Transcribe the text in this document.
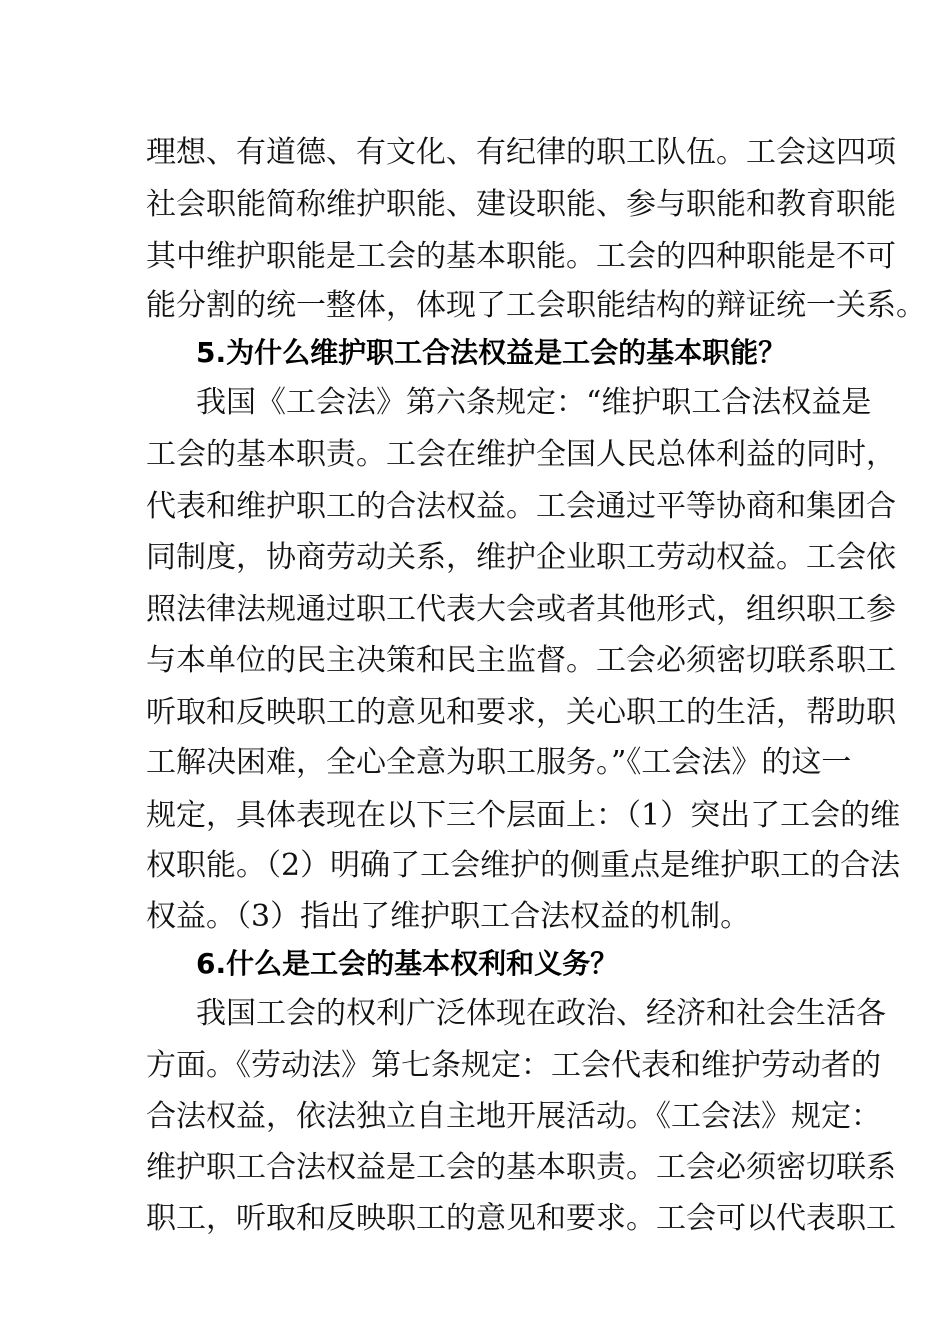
理想、有道德、有文化、有纪律的职工队伍。工会这四项
社会职能简称维护职能、建设职能、参与职能和教育职能
其中维护职能是工会的基本职能。工会的四种职能是不可
能分割的统一整体，体现了工会职能结构的辩证统一关系。
5.为什么维护职工合法权益是工会的基本职能？
我国《工会法》第六条规定：“维护职工合法权益是
工会的基本职责。工会在维护全国人民总体利益的同时，
代表和维护职工的合法权益。工会通过平等协商和集团合
同制度，协商劳动关系，维护企业职工劳动权益。工会依
照法律法规通过职工代表大会或者其他形式，组织职工参
与本单位的民主决策和民主监督。工会必须密切联系职工
听取和反映职工的意见和要求，关心职工的生活，帮助职
工解决困难，全心全意为职工服务。”《工会法》的这一
规定，具体表现在以下三个层面上：（1）突出了工会的维
权职能。（2）明确了工会维护的侧重点是维护职工的合法
权益。（3）指出了维护职工合法权益的机制。
6.什么是工会的基本权利和义务？
我国工会的权利广泛体现在政治、经济和社会生活各
方面。《劳动法》第七条规定：工会代表和维护劳动者的
合法权益，依法独立自主地开展活动。《工会法》规定：
维护职工合法权益是工会的基本职责。工会必须密切联系
职工，听取和反映职工的意见和要求。工会可以代表职工
